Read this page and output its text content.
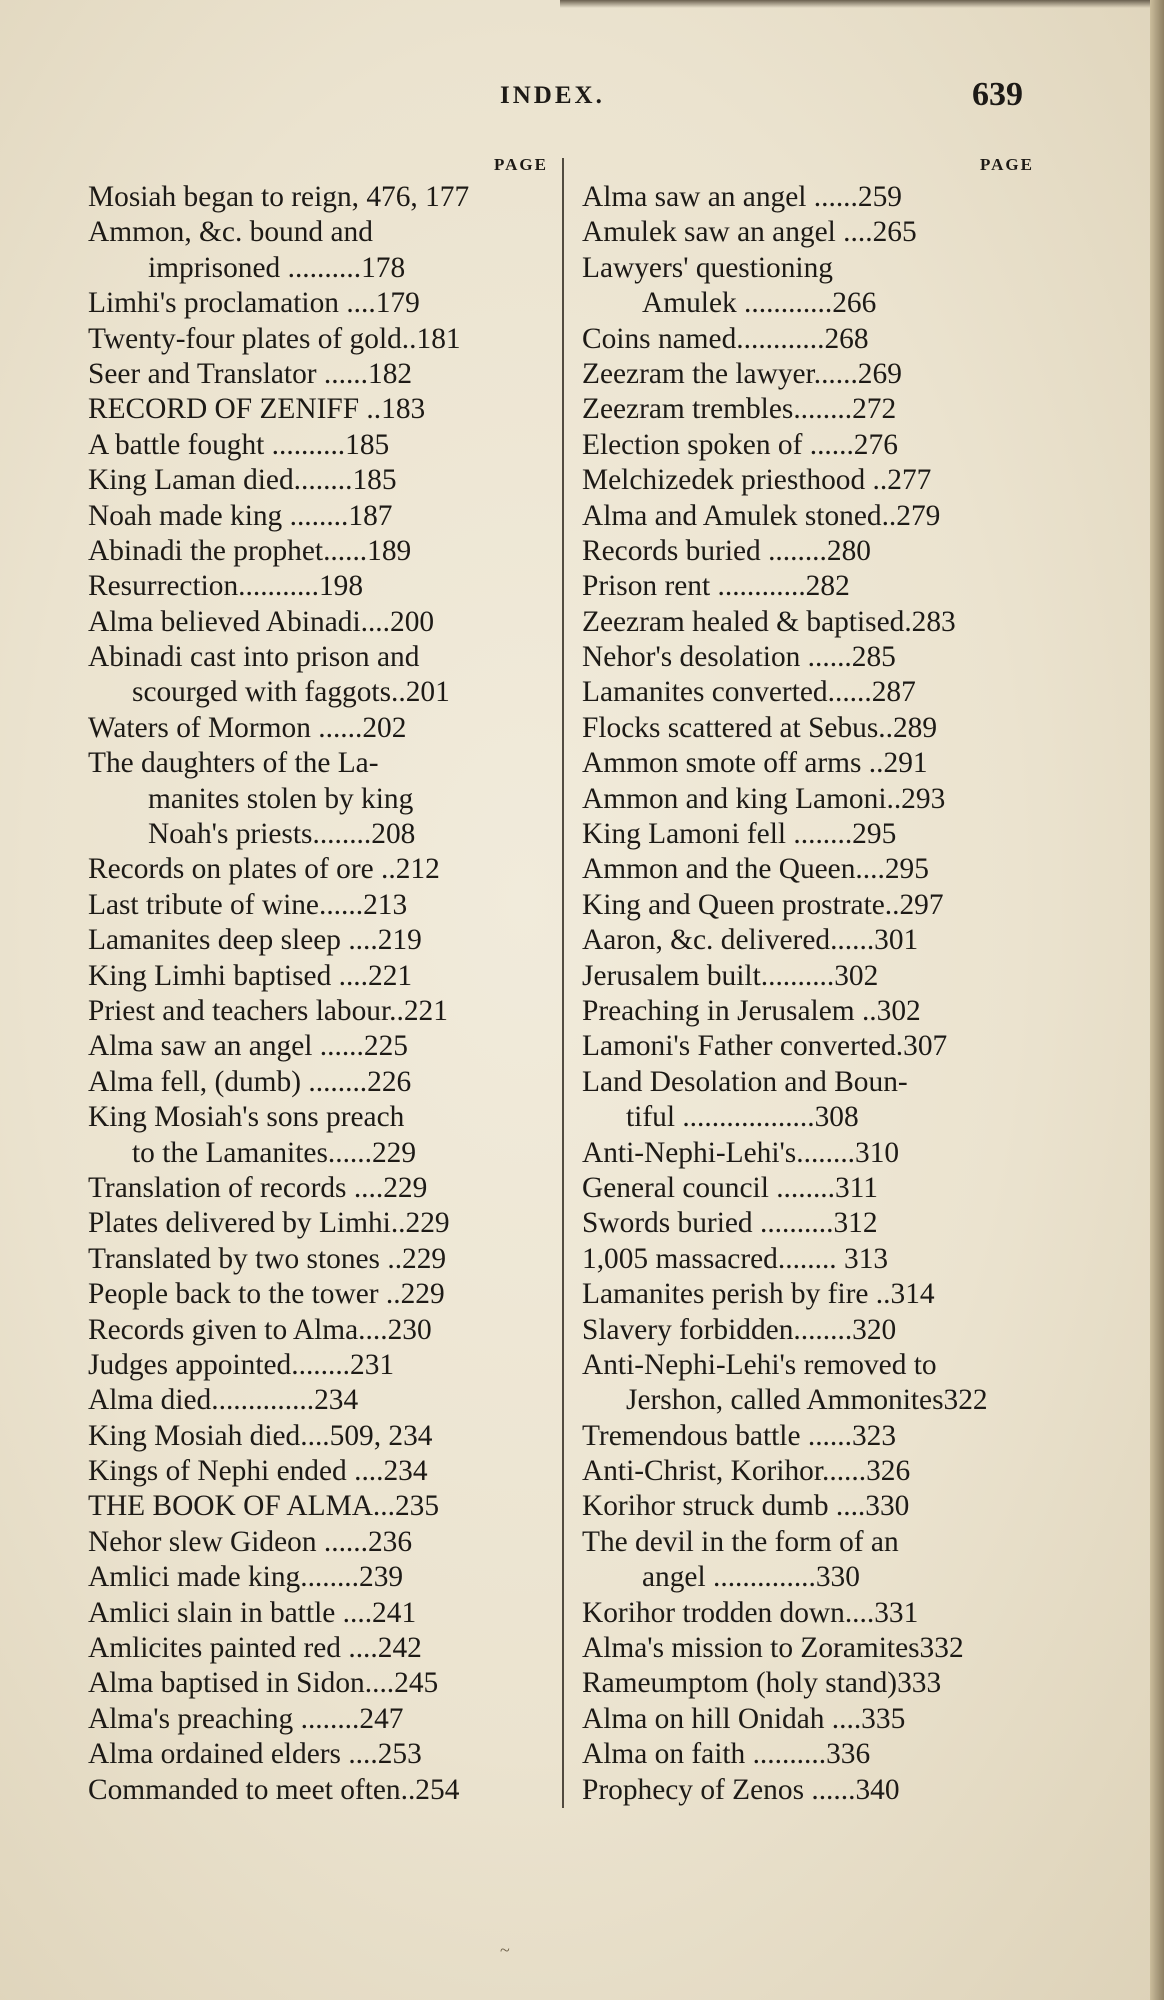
INDEX.	639
PAGE
Mosiah began to reign, 476, 177
Ammon, &c. bound and
imprisoned ..........178
Limhi's proclamation ....179
Twenty-four plates of gold..181
Seer and Translator ......182
RECORD OF ZENIFF ..183
A battle fought ..........185
King Laman died........185
Noah made king ........187
Abinadi the prophet......189
Resurrection...........198
Alma believed Abinadi....200
Abinadi cast into prison and
scourged with faggots..201
Waters of Mormon ......202
The daughters of the La-
manites stolen by king
Noah's priests........208
Records on plates of ore ..212
Last tribute of wine......213
Lamanites deep sleep ....219
King Limhi baptised ....221
Priest and teachers labour..221
Alma saw an angel ......225
Alma fell, (dumb) ........226
King Mosiah's sons preach
to the Lamanites......229
Translation of records ....229
Plates delivered by Limhi..229
Translated by two stones ..229
People back to the tower ..229
Records given to Alma....230
Judges appointed........231
Alma died..............234
King Mosiah died....509, 234
Kings of Nephi ended ....234
THE BOOK OF ALMA...235
Nehor slew Gideon ......236
Amlici made king........239
Amlici slain in battle ....241
Amlicites painted red ....242
Alma baptised in Sidon....245
Alma's preaching ........247
Alma ordained elders ....253
Commanded to meet often..254
PAGE
Alma saw an angel ......259
Amulek saw an angel ....265
Lawyers' questioning
Amulek ............266
Coins named............268
Zeezram the lawyer......269
Zeezram trembles........272
Election spoken of ......276
Melchizedek priesthood ..277
Alma and Amulek stoned..279
Records buried ........280
Prison rent ............282
Zeezram healed & baptised.283
Nehor's desolation ......285
Lamanites converted......287
Flocks scattered at Sebus..289
Ammon smote off arms ..291
Ammon and king Lamoni..293
King Lamoni fell ........295
Ammon and the Queen....295
King and Queen prostrate..297
Aaron, &c. delivered......301
Jerusalem built..........302
Preaching in Jerusalem ..302
Lamoni's Father converted.307
Land Desolation and Boun-
tiful ..................308
Anti-Nephi-Lehi's........310
General council ........311
Swords buried ..........312
1,005 massacred........ 313
Lamanites perish by fire ..314
Slavery forbidden........320
Anti-Nephi-Lehi's removed to
Jershon, called Ammonites322
Tremendous battle ......323
Anti-Christ, Korihor......326
Korihor struck dumb ....330
The devil in the form of an
angel ..............330
Korihor trodden down....331
Alma's mission to Zoramites332
Rameumptom (holy stand)333
Alma on hill Onidah ....335
Alma on faith ..........336
Prophecy of Zenos ......340
~
